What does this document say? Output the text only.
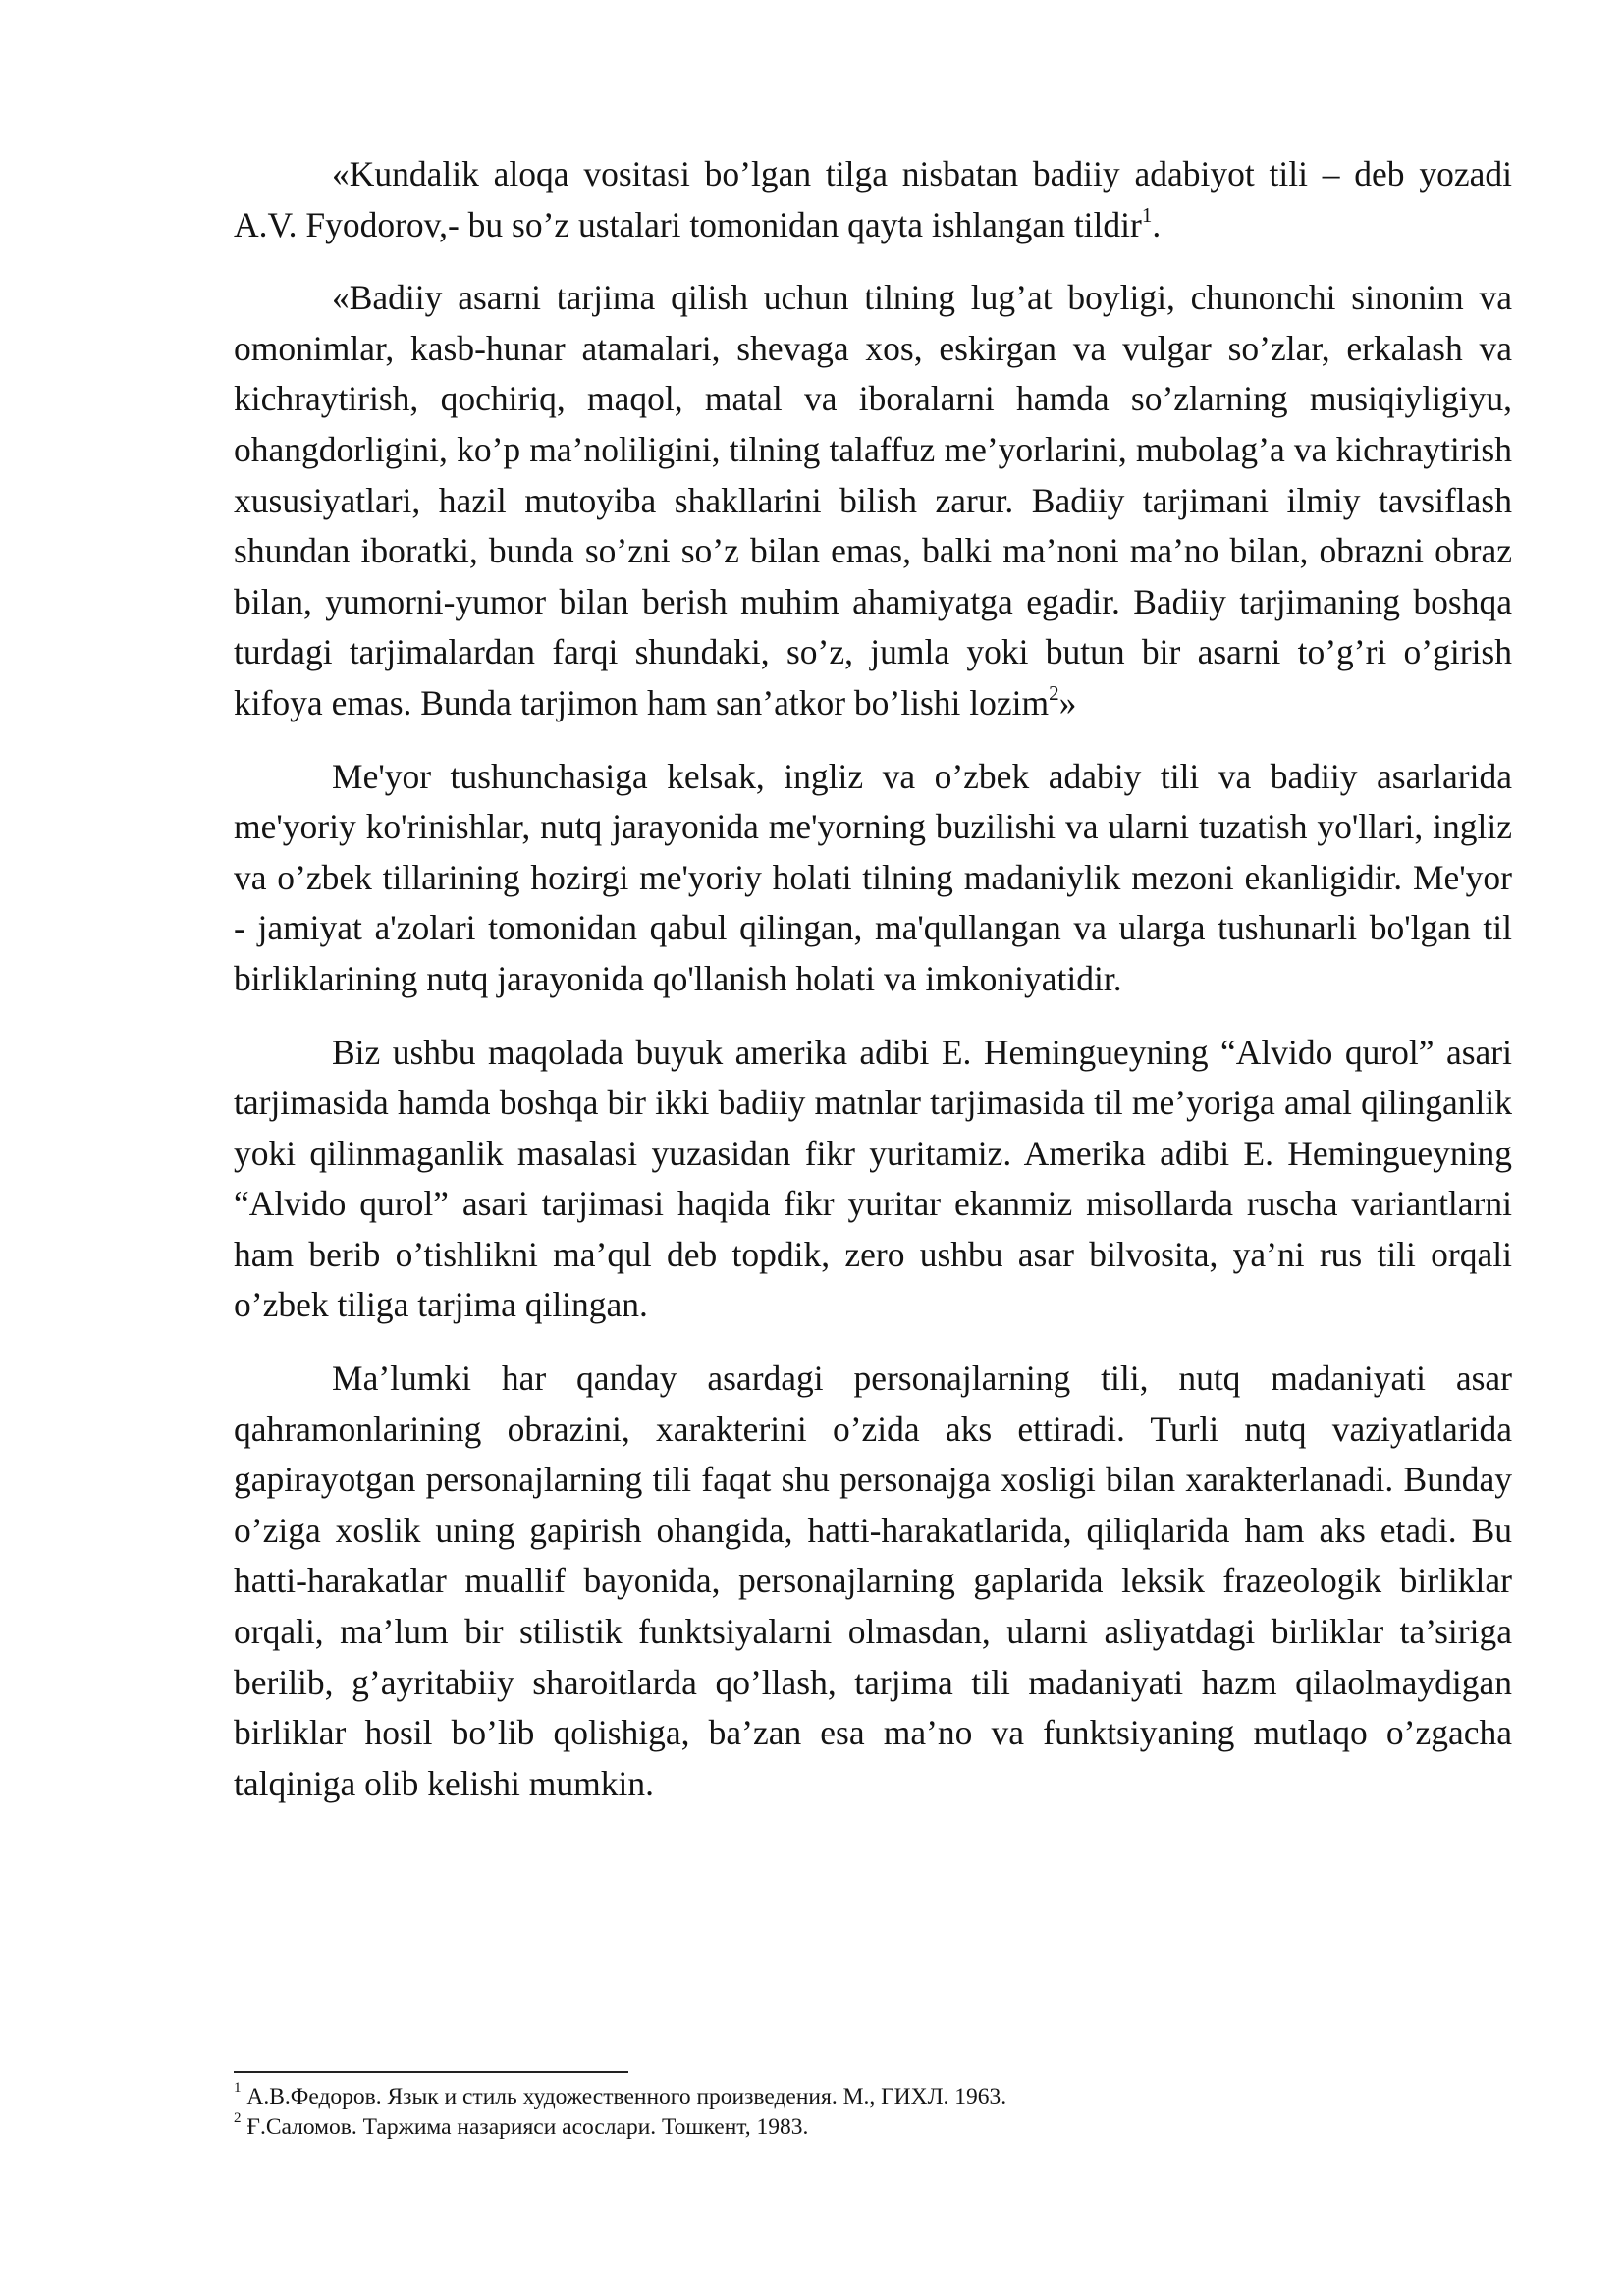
«Kundalik aloqa vositasi bo’lgan tilga nisbatan badiiy adabiyot tili – deb yozadi A.V. Fyodorov,- bu so’z ustalari tomonidan qayta ishlangan tildir$^1$.

«Badiiy asarni tarjima qilish uchun tilning lug’at boyligi, chunonchi sinonim va omonimlar, kasb-hunar atamalari, shevaga xos, eskirgan va vulgar so’zlar, erkalash va kichraytirish, qochiriq, maqol, matal va iboralarni hamda so’zlarning musiqiyligiyu, ohangdorligini, ko’p ma’noliligini, tilning talaffuz me’yorlarini, mubolag’a va kichraytirish xususiyatlari, hazil mutoyiba shakllarini bilish zarur. Badiiy tarjimani ilmiy tavsiflash shundan iboratki, bunda so’zni so’z bilan emas, balki ma’noni ma’no bilan, obrazni obraz bilan, yumorni-yumor bilan berish muhim ahamiyatga egadir. Badiiy tarjimaning boshqa turdagi tarjimalardan farqi shundaki, so’z, jumla yoki butun bir asarni to’g’ri o’girish kifoya emas. Bunda tarjimon ham san’atkor bo’lishi lozim$^2$»

Me'yor tushunchasiga kelsak, ingliz va o’zbek adabiy tili va badiiy asarlarida me'yoriy ko'rinishlar, nutq jarayonida me'yorning buzilishi va ularni tuzatish yo'llari, ingliz va o’zbek tillarining hozirgi me'yoriy holati tilning madaniylik mezoni ekanligidir. Me'yor - jamiyat a'zolari tomonidan qabul qilingan, ma'qullangan va ularga tushunarli bo'lgan til birliklarining nutq jarayonida qo'llanish holati va imkoniyatidir.

Biz ushbu maqolada buyuk amerika adibi E. Hemingueyning “Alvido qurol” asari tarjimasida hamda boshqa bir ikki badiiy matnlar tarjimasida til me’yoriga amal qilinganlik yoki qilinmaganlik masalasi yuzasidan fikr yuritamiz. Amerika adibi E. Hemingueyning “Alvido qurol” asari tarjimasi haqida fikr yuritar ekanmiz misollarda ruscha variantlarni ham berib o’tishlikni ma’qul deb topdik, zero ushbu asar bilvosita, ya’ni rus tili orqali o’zbek tiliga tarjima qilingan.

Ma’lumki har qanday asardagi personajlarning tili, nutq madaniyati asar qahramonlarining obrazini, xarakterini o’zida aks ettiradi. Turli nutq vaziyatlarida gapirayotgan personajlarning tili faqat shu personajga xosligi bilan xarakterlanadi. Bunday o’ziga xoslik uning gapirish ohangida, hatti-harakatlarida, qiliqlarida ham aks etadi. Bu hatti-harakatlar muallif bayonida, personajlarning gaplarida leksik frazeologik birliklar orqali, ma’lum bir stilistik funktsiyalarni olmasdan, ularni asliyatdagi birliklar ta’siriga berilib, g’ayritabiiy sharoitlarda qo’llash, tarjima tili madaniyati hazm qilaolmaydigan birliklar hosil bo’lib qolishiga, ba’zan esa ma’no va funktsiyaning mutlaqo o’zgacha talqiniga olib kelishi mumkin.

$^1$ А.В.Федоров. Язык и стиль художественного произведения. М., ГИХЛ. 1963.

$^2$ Ғ.Саломов. Таржима назарияси асослари. Тошкент, 1983.
